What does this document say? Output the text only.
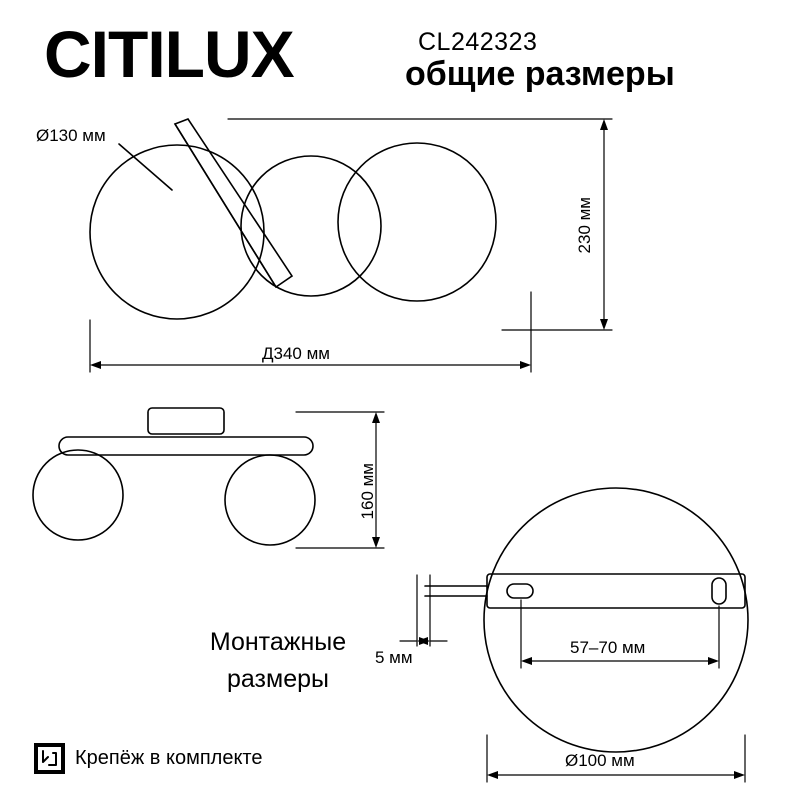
CITILUX	CL242323
общие размеры
Ø130 мм
230 мм
Д340 мм
160 мм
5 мм
57–70 мм
Ø100 мм
Монтажные
размеры
Крепёж в комплекте
